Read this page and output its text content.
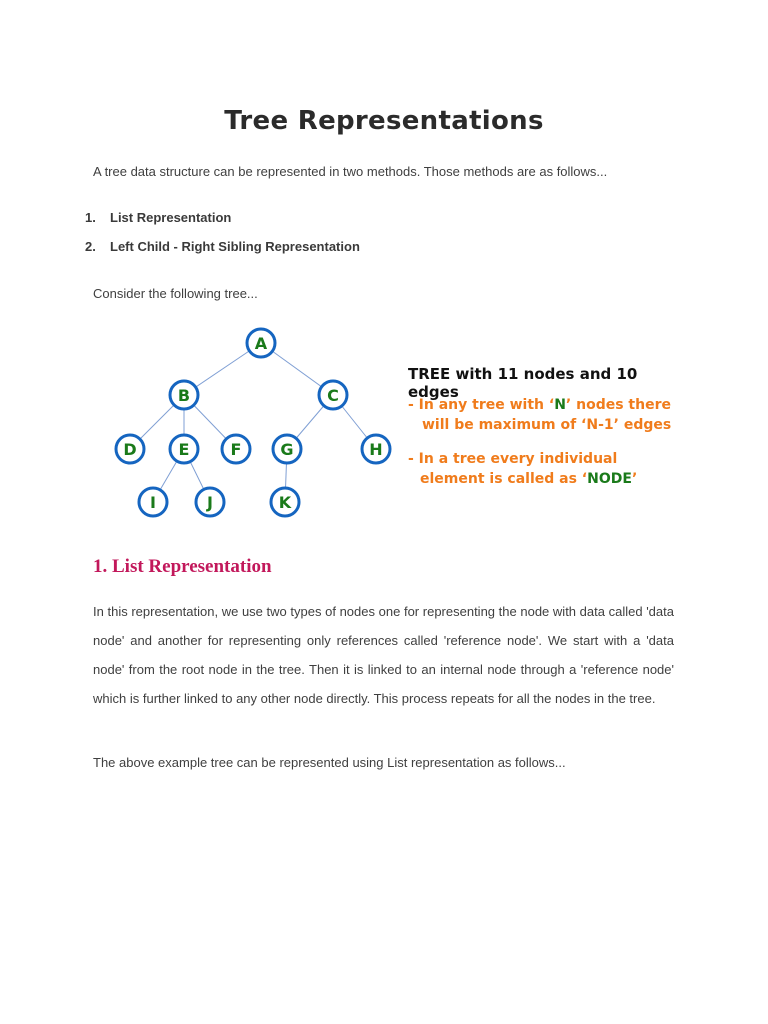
Tree Representations
A tree data structure can be represented in two methods. Those methods are as follows...
1. List Representation
2. Left Child - Right Sibling Representation
Consider the following tree...
A
B	C
D	E	F G	H
I	J	K
TREE with 11 nodes and 10 edges
- In any tree with ‘N’ nodes there
will be maximum of ‘N-1’ edges
- In a tree every individual
element is called as ‘NODE’
1. List Representation

In this representation, we use two types of nodes one for representing the node with data called 'data node' and another for representing only references called 'reference node'. We start with a 'data node' from the root node in the tree. Then it is linked to an internal node through a 'reference node' which is further linked to any other node directly. This process repeats for all the nodes in the tree.

The above example tree can be represented using List representation as follows...
